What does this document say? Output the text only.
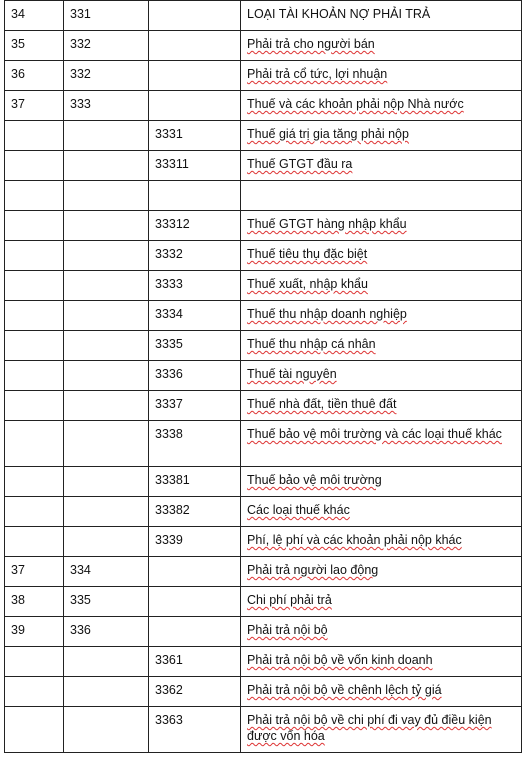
34	331		LOẠI TÀI KHOẢN NỢ PHẢI TRẢ
35	332		Phải trả cho người bán
36	332		Phải trả cổ tức, lợi nhuận
37	333		Thuế và các khoản phải nộp Nhà nước
		3331	Thuế giá trị gia tăng phải nộp
		33311	Thuế GTGT đầu ra

		33312	Thuế GTGT hàng nhập khẩu
		3332	Thuế tiêu thụ đặc biệt
		3333	Thuế xuất, nhập khẩu
		3334	Thuế thu nhập doanh nghiệp
		3335	Thuế thu nhập cá nhân
		3336	Thuế tài nguyên
		3337	Thuế nhà đất, tiền thuê đất
		3338	Thuế bảo vệ môi trường và các loại thuế khác
		33381	Thuế bảo vệ môi trường
		33382	Các loại thuế khác
		3339	Phí, lệ phí và các khoản phải nộp khác
37	334		Phải trả người lao động
38	335		Chi phí phải trả
39	336		Phải trả nội bộ
		3361	Phải trả nội bộ về vốn kinh doanh
		3362	Phải trả nội bộ về chênh lệch tỷ giá
		3363	Phải trả nội bộ về chi phí đi vay đủ điều kiện được vốn hóa
